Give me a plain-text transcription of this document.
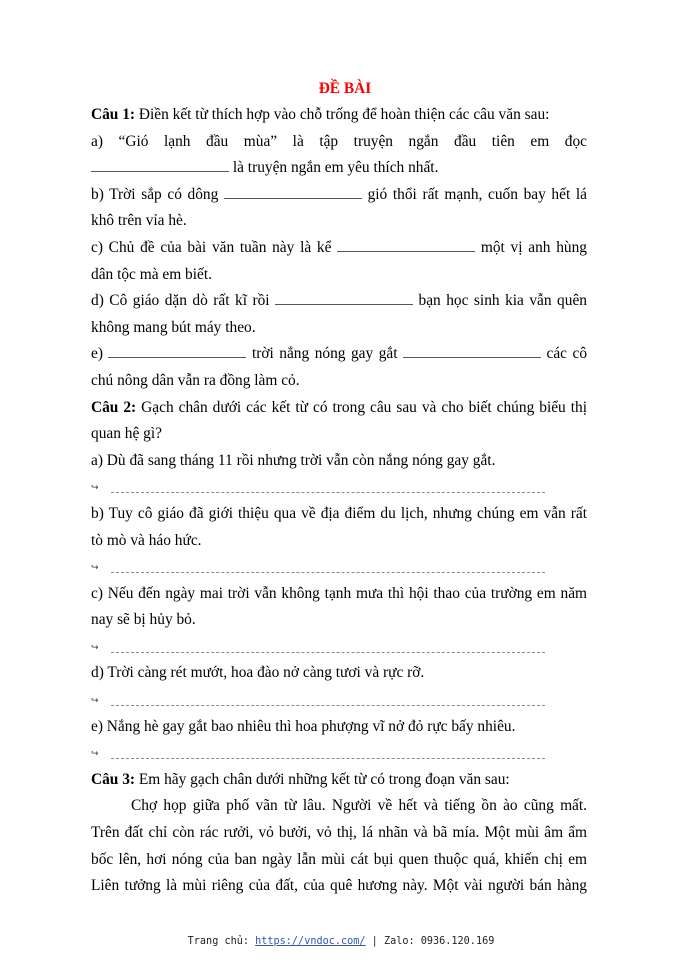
ĐỀ BÀI
Câu 1: Điền kết từ thích hợp vào chỗ trống để hoàn thiện các câu văn sau:
a) “Gió lạnh đầu mùa” là tập truyện ngắn đầu tiên em đọc
là truyện ngắn em yêu thích nhất.
b) Trời sắp có dông	gió thổi rất mạnh, cuốn bay hết lá
khô trên vỉa hè.
c) Chủ đề của bài văn tuần này là kể	một vị anh hùng
dân tộc mà em biết.
d) Cô giáo dặn dò rất kĩ rồi	bạn học sinh kia vẫn quên
không mang bút máy theo.
e)	trời nắng nóng gay gắt	các cô
chú nông dân vẫn ra đồng làm cỏ.
Câu 2: Gạch chân dưới các kết từ có trong câu sau và cho biết chúng biểu thị
quan hệ gì?
a) Dù đã sang tháng 11 rồi nhưng trời vẫn còn nắng nóng gay gắt.
↪
b) Tuy cô giáo đã giới thiệu qua về địa điểm du lịch, nhưng chúng em vẫn rất
tò mò và háo hức.
↪
c) Nếu đến ngày mai trời vẫn không tạnh mưa thì hội thao của trường em năm
nay sẽ bị hủy bỏ.
↪
d) Trời càng rét mướt, hoa đào nở càng tươi và rực rỡ.
↪
e) Nắng hè gay gắt bao nhiêu thì hoa phượng vĩ nở đỏ rực bấy nhiêu.
↪
Câu 3: Em hãy gạch chân dưới những kết từ có trong đoạn văn sau:
Chợ họp giữa phố vãn từ lâu. Người về hết và tiếng ồn ào cũng mất.
Trên đất chỉ còn rác rưởi, vỏ bưởi, vỏ thị, lá nhãn và bã mía. Một mùi âm ẩm
bốc lên, hơi nóng của ban ngày lẫn mùi cát bụi quen thuộc quá, khiến chị em
Liên tưởng là mùi riêng của đất, của quê hương này. Một vài người bán hàng
Trang chủ: https://vndoc.com/ | Zalo: 0936.120.169
